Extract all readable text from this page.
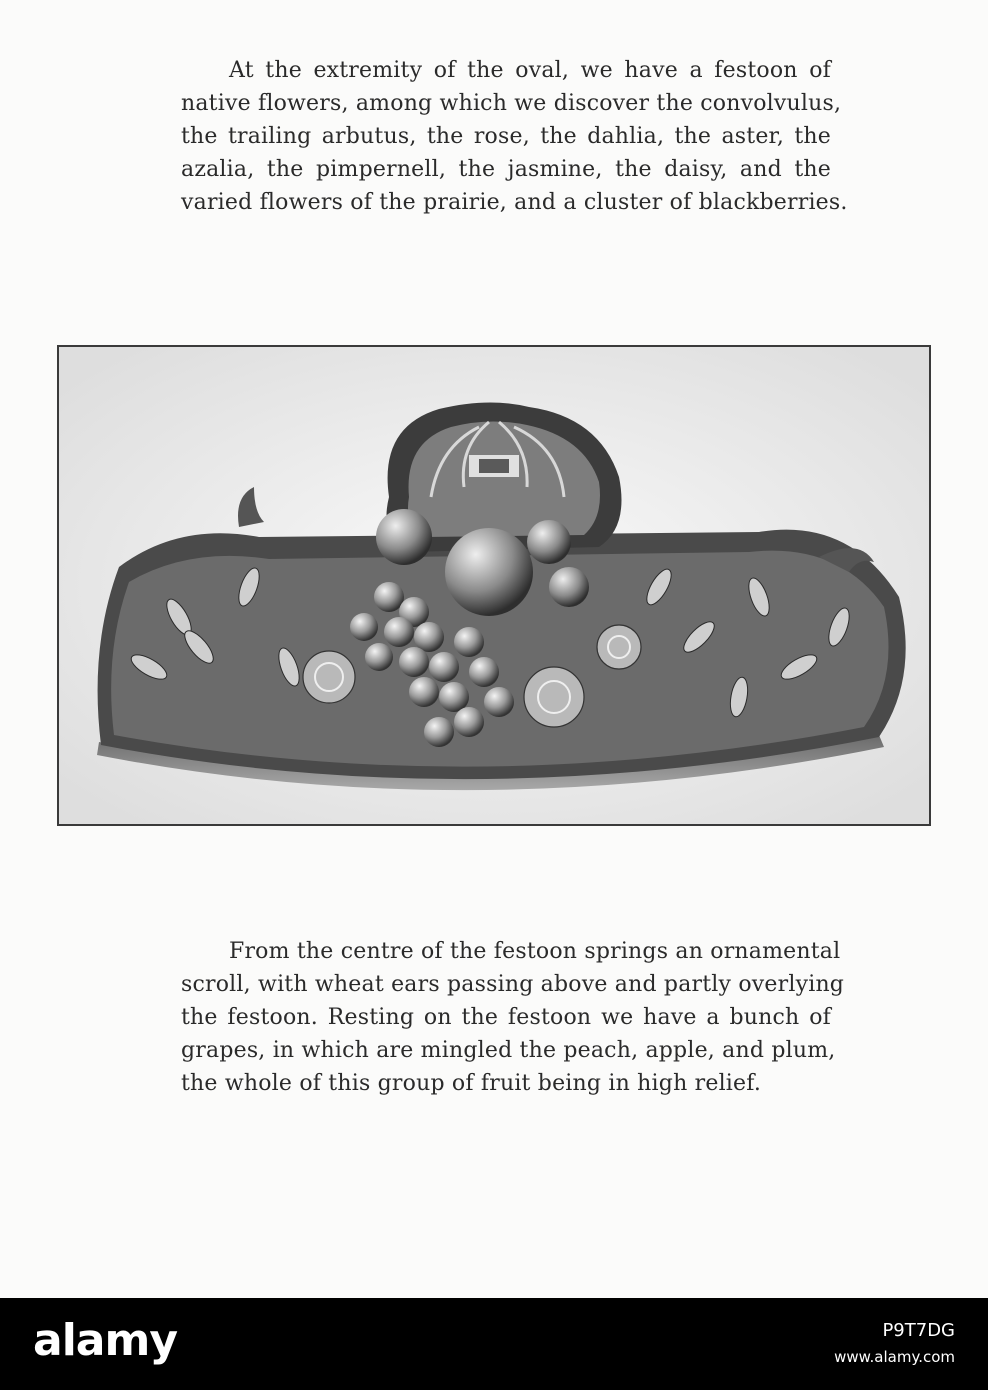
At the extremity of the oval, we have a festoon of
native flowers, among which we discover the convolvulus,
the trailing arbutus, the rose, the dahlia, the aster, the
azalia, the pimpernell, the jasmine, the daisy, and the
varied flowers of the prairie, and a cluster of blackberries.
From the centre of the festoon springs an ornamental
scroll, with wheat ears passing above and partly overlying
the festoon. Resting on the festoon we have a bunch of
grapes, in which are mingled the peach, apple, and plum,
the whole of this group of fruit being in high relief.
alamy	P9T7DG
www.alamy.com
